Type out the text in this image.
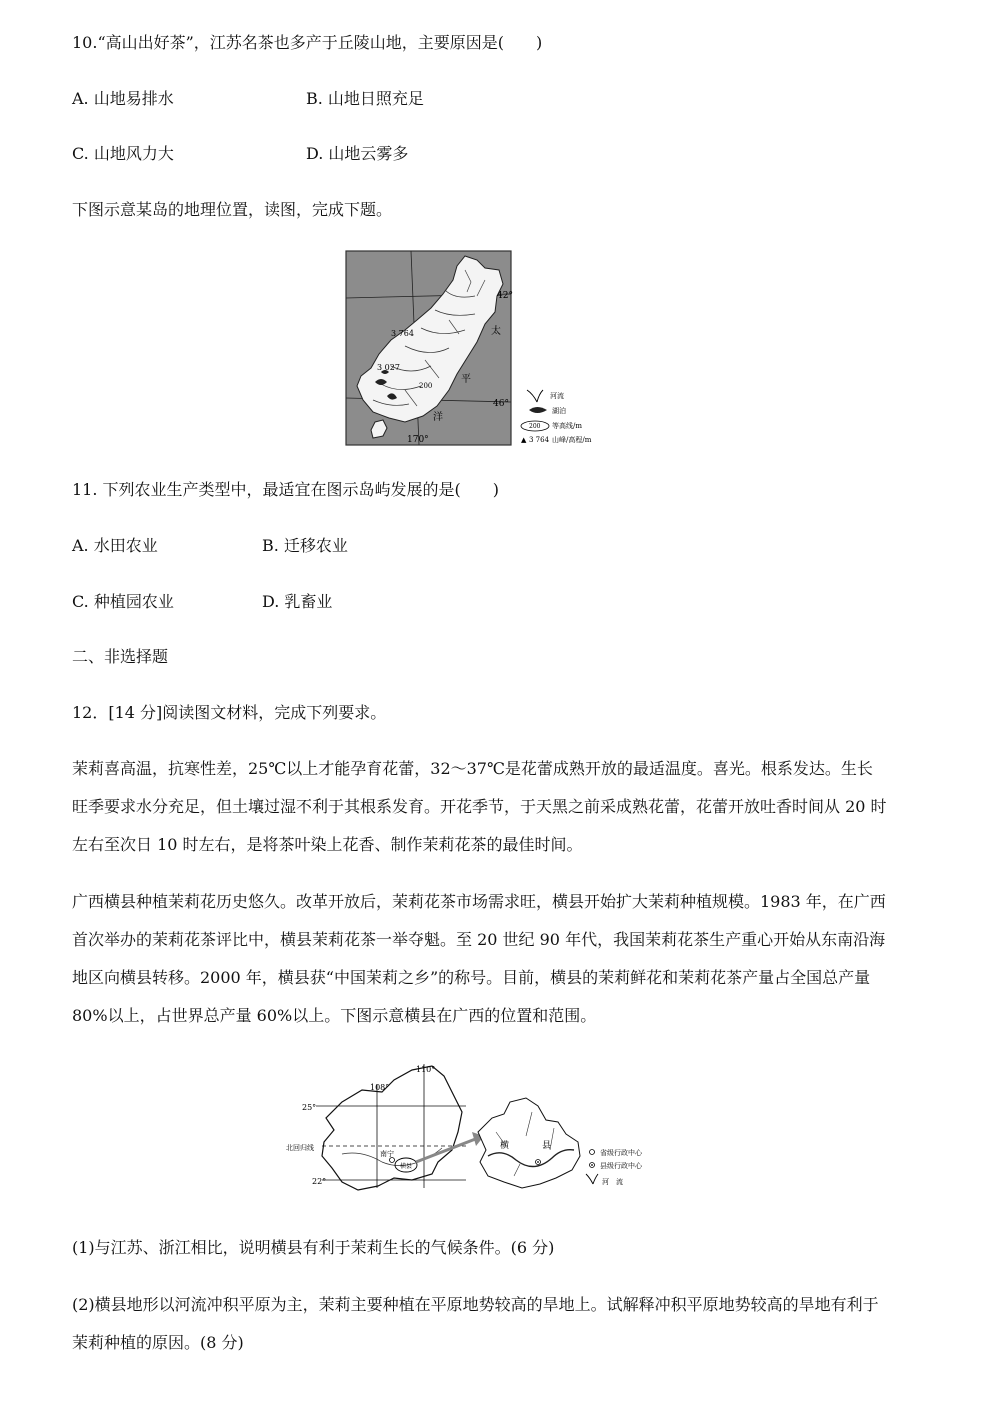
10.“高山出好茶”，江苏名茶也多产于丘陵山地，主要原因是(　　)
A. 山地易排水	B. 山地日照充足
C. 山地风力大	D. 山地云雾多
下图示意某岛的地理位置，读图，完成下题。
42°
46°
170°
3 764
3 027
200
太
平
洋
河流
湖泊
200 等高线/m
▲ 3 764 山峰/高程/m
11. 下列农业生产类型中，最适宜在图示岛屿发展的是(　　)
A. 水田农业	B. 迁移农业
C. 种植园农业	D. 乳畜业
二、非选择题
12．[14 分]阅读图文材料，完成下列要求。
茉莉喜高温，抗寒性差，25℃以上才能孕育花蕾，32～37℃是花蕾成熟开放的最适温度。喜光。根系发达。生长旺季要求水分充足，但土壤过湿不利于其根系发育。开花季节，于天黑之前采成熟花蕾，花蕾开放吐香时间从 20 时左右至次日 10 时左右，是将茶叶染上花香、制作茉莉花茶的最佳时间。
广西横县种植茉莉花历史悠久。改革开放后，茉莉花茶市场需求旺，横县开始扩大茉莉种植规模。1983 年，在广西首次举办的茉莉花茶评比中，横县茉莉花茶一举夺魁。至 20 世纪 90 年代，我国茉莉花茶生产重心开始从东南沿海地区向横县转移。2000 年，横县获“中国茉莉之乡”的称号。目前，横县的茉莉鲜花和茉莉花茶产量占全国总产量 80%以上，占世界总产量 60%以上。下图示意横县在广西的位置和范围。
110°
108°
25°
22°
北回归线
南宁
横县
横	县
省级行政中心
县级行政中心
河　流
(1)与江苏、浙江相比，说明横县有利于茉莉生长的气候条件。(6 分)
(2)横县地形以河流冲积平原为主，茉莉主要种植在平原地势较高的旱地上。试解释冲积平原地势较高的旱地有利于茉莉种植的原因。(8 分)
